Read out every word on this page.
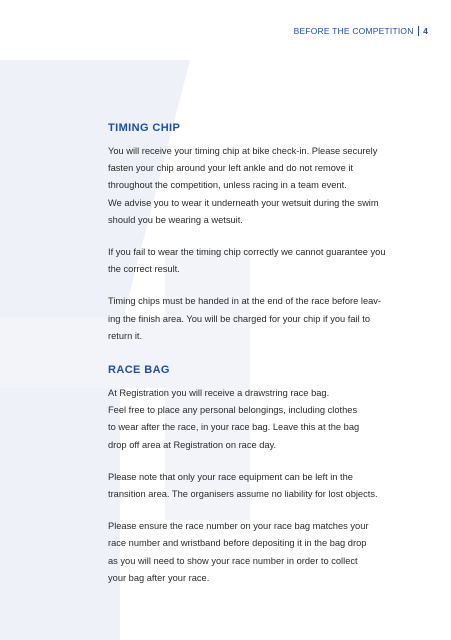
BEFORE THE COMPETITION 4
TIMING CHIP

You will receive your timing chip at bike check-in. Please securely
fasten your chip around your left ankle and do not remove it
throughout the competition, unless racing in a team event.
We advise you to wear it underneath your wetsuit during the swim
should you be wearing a wetsuit.

If you fail to wear the timing chip correctly we cannot guarantee you
the correct result.

Timing chips must be handed in at the end of the race before leav-
ing the finish area. You will be charged for your chip if you fail to
return it.

RACE BAG

At Registration you will receive a drawstring race bag.
Feel free to place any personal belongings, including clothes
to wear after the race, in your race bag. Leave this at the bag
drop off area at Registration on race day.

Please note that only your race equipment can be left in the
transition area. The organisers assume no liability for lost objects.

Please ensure the race number on your race bag matches your
race number and wristband before depositing it in the bag drop
as you will need to show your race number in order to collect
your bag after your race.
